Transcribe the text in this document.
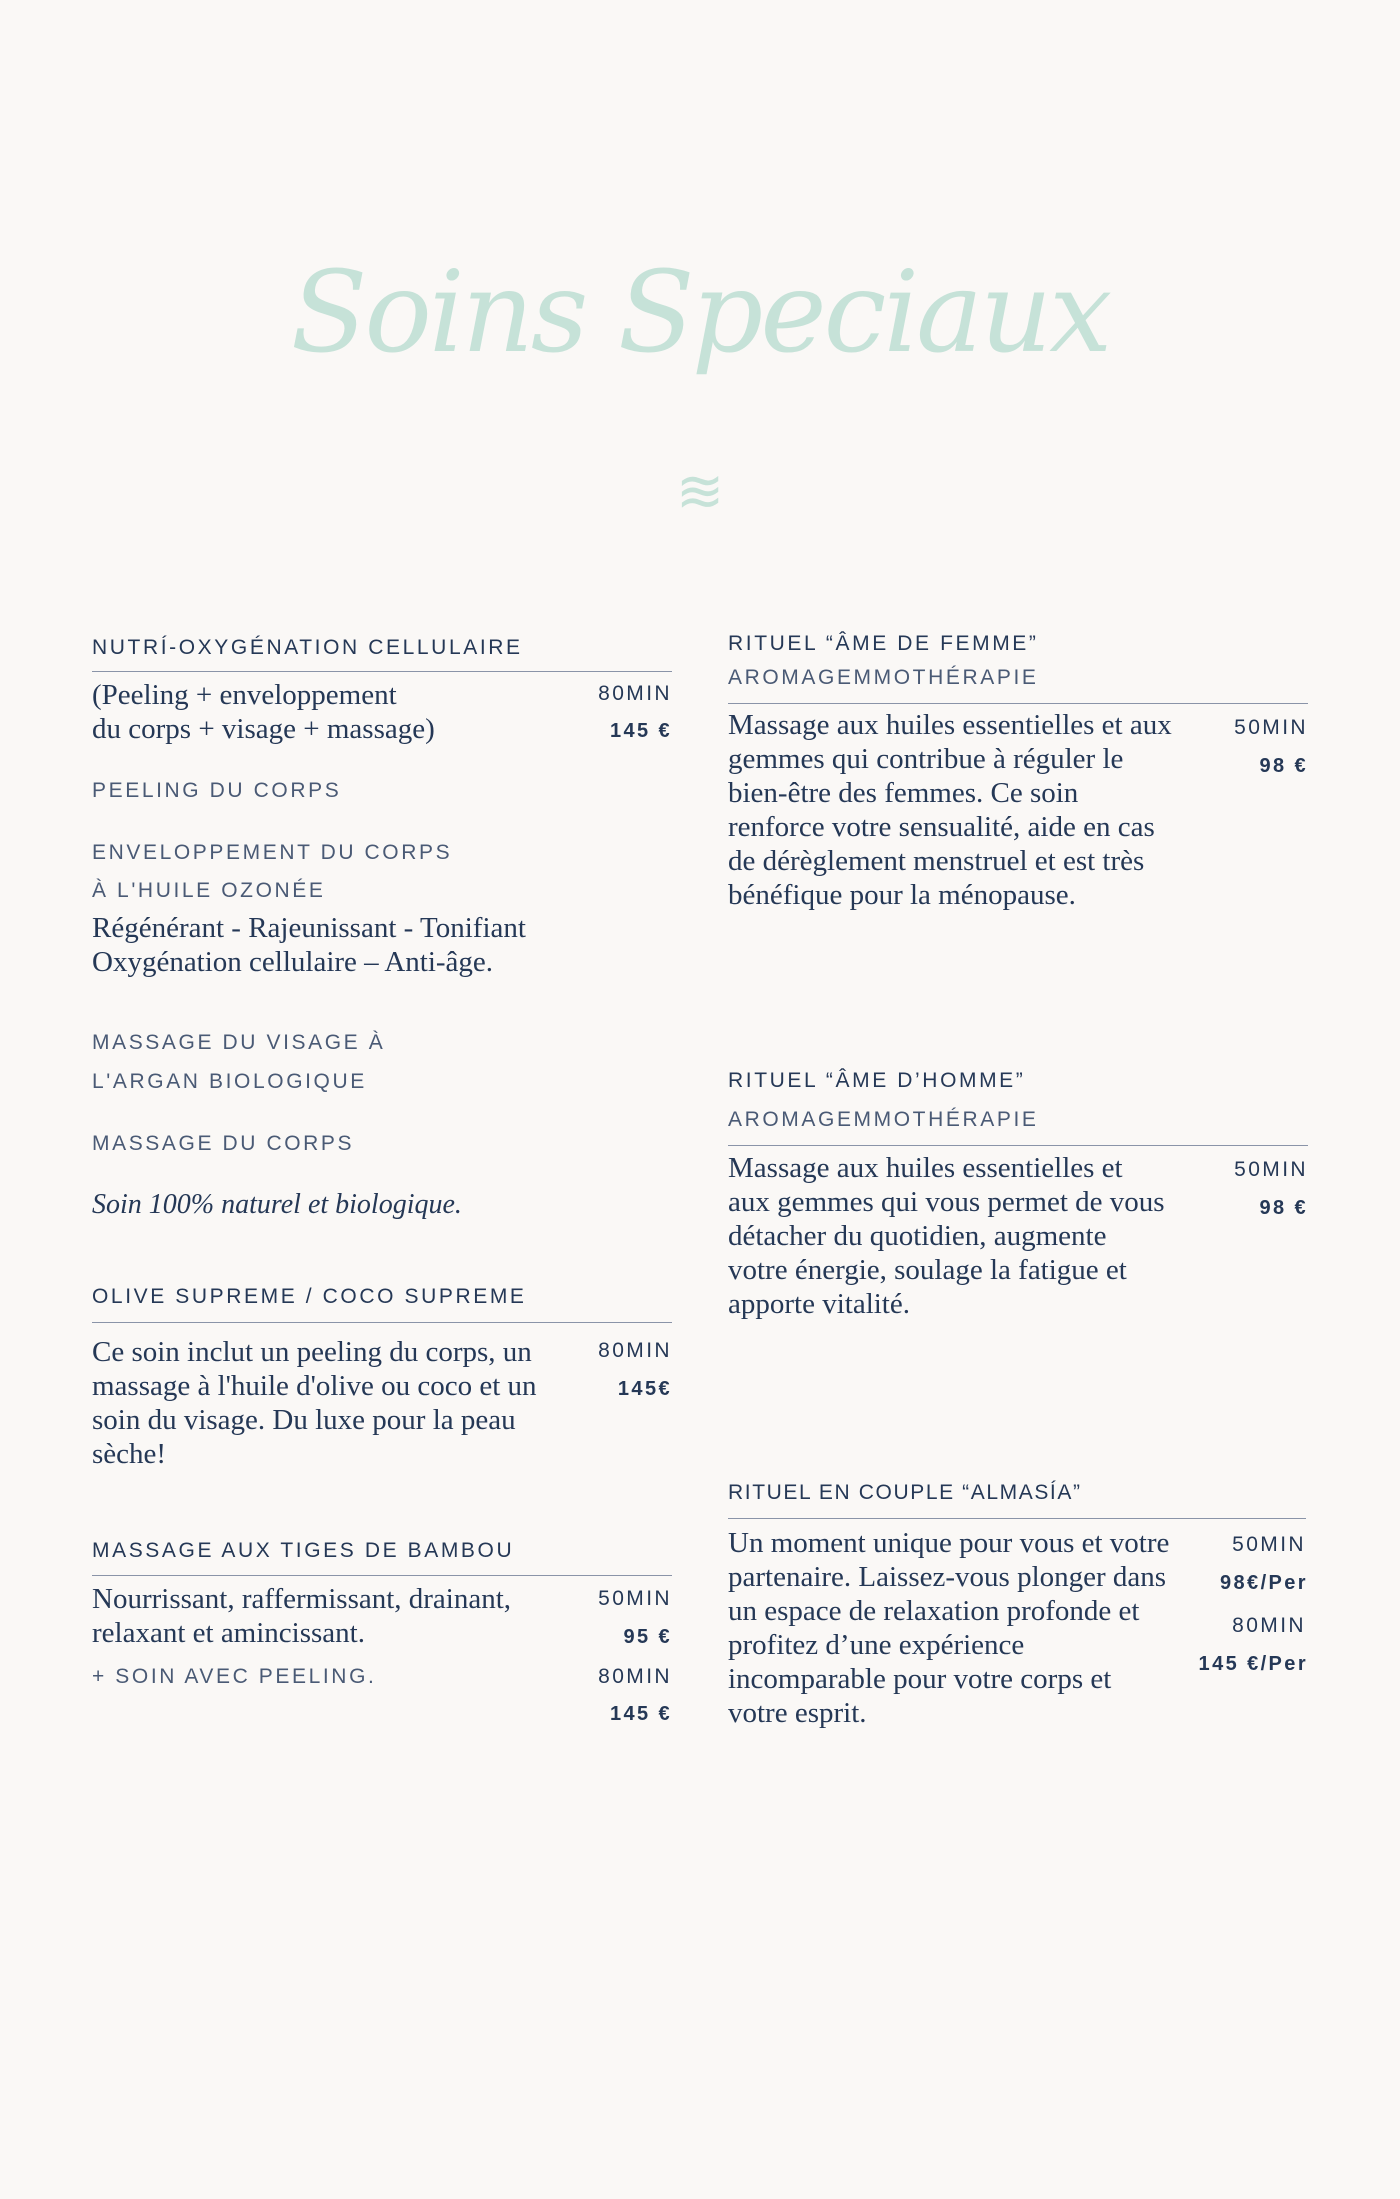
Soins Speciaux
≋
NUTRÍ-OXYGÉNATION CELLULAIRE
(Peeling + enveloppement
du corps + visage + massage)
80MIN
145 €
PEELING DU CORPS
ENVELOPPEMENT DU CORPS
À L'HUILE OZONÉE
Régénérant - Rajeunissant - Tonifiant
Oxygénation cellulaire – Anti-âge.
MASSAGE DU VISAGE À
L'ARGAN BIOLOGIQUE
MASSAGE DU CORPS
Soin 100% naturel et biologique.
OLIVE SUPREME / COCO SUPREME
Ce soin inclut un peeling du corps, un massage à l'huile d'olive ou coco et un soin du visage. Du luxe pour la peau sèche!
80MIN
145€
MASSAGE AUX TIGES DE BAMBOU
Nourrissant, raffermissant, drainant, relaxant et amincissant.
50MIN
95 €
+ SOIN AVEC PEELING.	80MIN
145 €
RITUEL “ÂME DE FEMME”
AROMAGEMMOTHÉRAPIE
Massage aux huiles essentielles et aux gemmes qui contribue à réguler le bien-être des femmes. Ce soin renforce votre sensualité, aide en cas de dérèglement menstruel et est très bénéfique pour la ménopause.
50MIN
98 €
RITUEL “ÂME D’HOMME”
AROMAGEMMOTHÉRAPIE
Massage aux huiles essentielles et aux gemmes qui vous permet de vous détacher du quotidien, augmente votre énergie, soulage la fatigue et apporte vitalité.
50MIN
98 €
RITUEL EN COUPLE “ALMASÍA”
Un moment unique pour vous et votre partenaire. Laissez-vous plonger dans un espace de relaxation profonde et profitez d’une expérience incomparable pour votre corps et votre esprit.
50MIN
98€/Per
80MIN
145 €/Per
